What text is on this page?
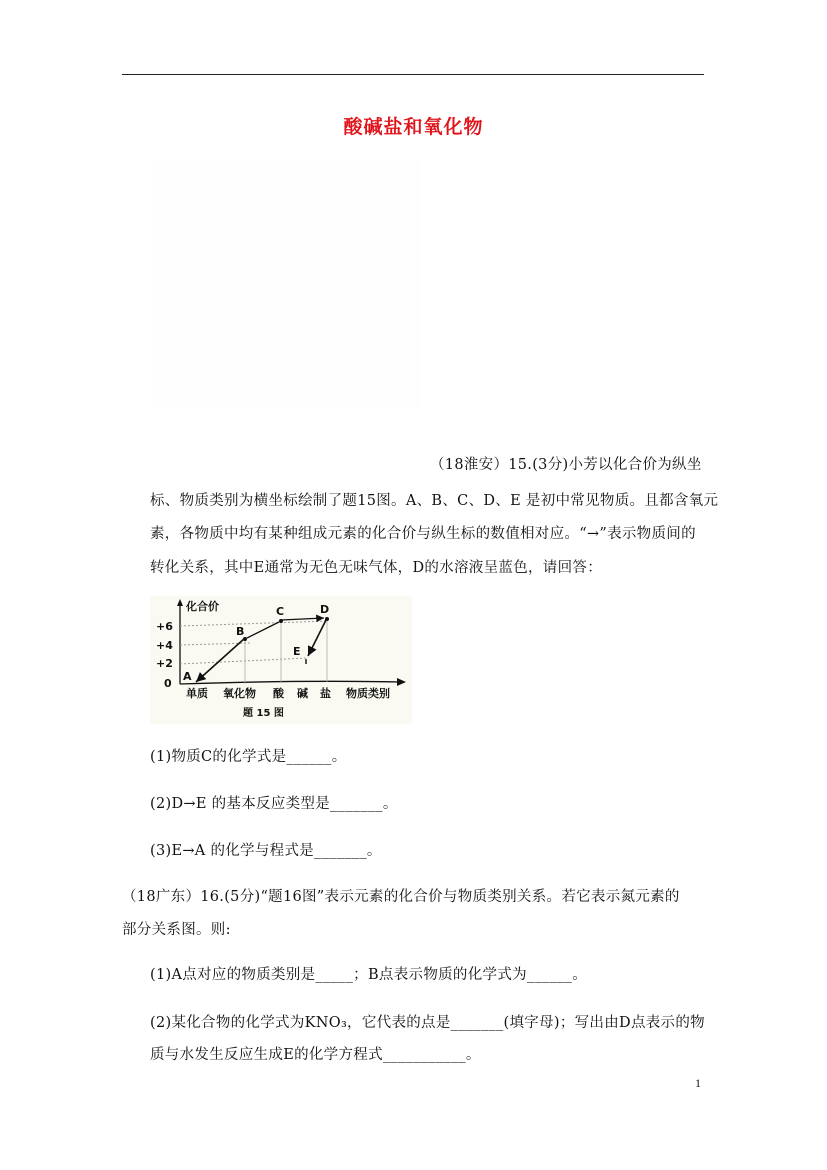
酸碱盐和氧化物
（18淮安）15.(3分)小芳以化合价为纵坐
标、物质类别为横坐标绘制了题15图。A、B、C、D、E 是初中常见物质。且都含氧元
素，各物质中均有某种组成元素的化合价与纵生标的数值相对应。“→”表示物质间的
转化关系，其中E通常为无色无味气体，D的水溶液呈蓝色，请回答：
化合价
+6
+4
+2
0
A
B
C	D
E
单质 氧化物 酸 碱 盐 物质类别
题 15 图
(1)物质C的化学式是______。
(2)D→E 的基本反应类型是_______。
(3)E→A 的化学与程式是_______。
（18广东）16.(5分)“题16图”表示元素的化合价与物质类别关系。若它表示氮元素的
部分关系图。则:
(1)A点对应的物质类别是_____；B点表示物质的化学式为______。
(2)某化合物的化学式为KNO₃，它代表的点是_______(填字母)；写出由D点表示的物
质与水发生反应生成E的化学方程式___________。
1
